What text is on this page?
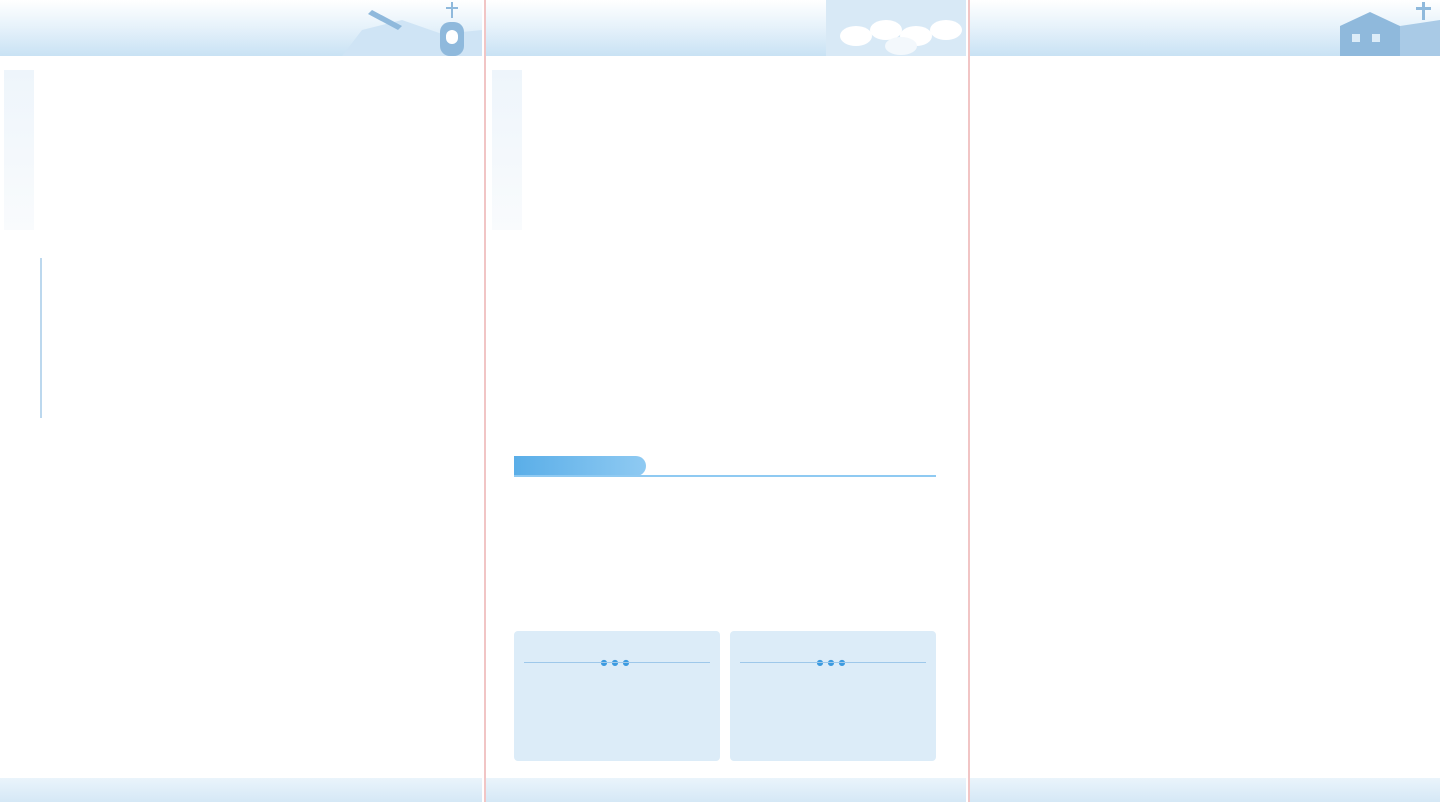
●●●	●●●
